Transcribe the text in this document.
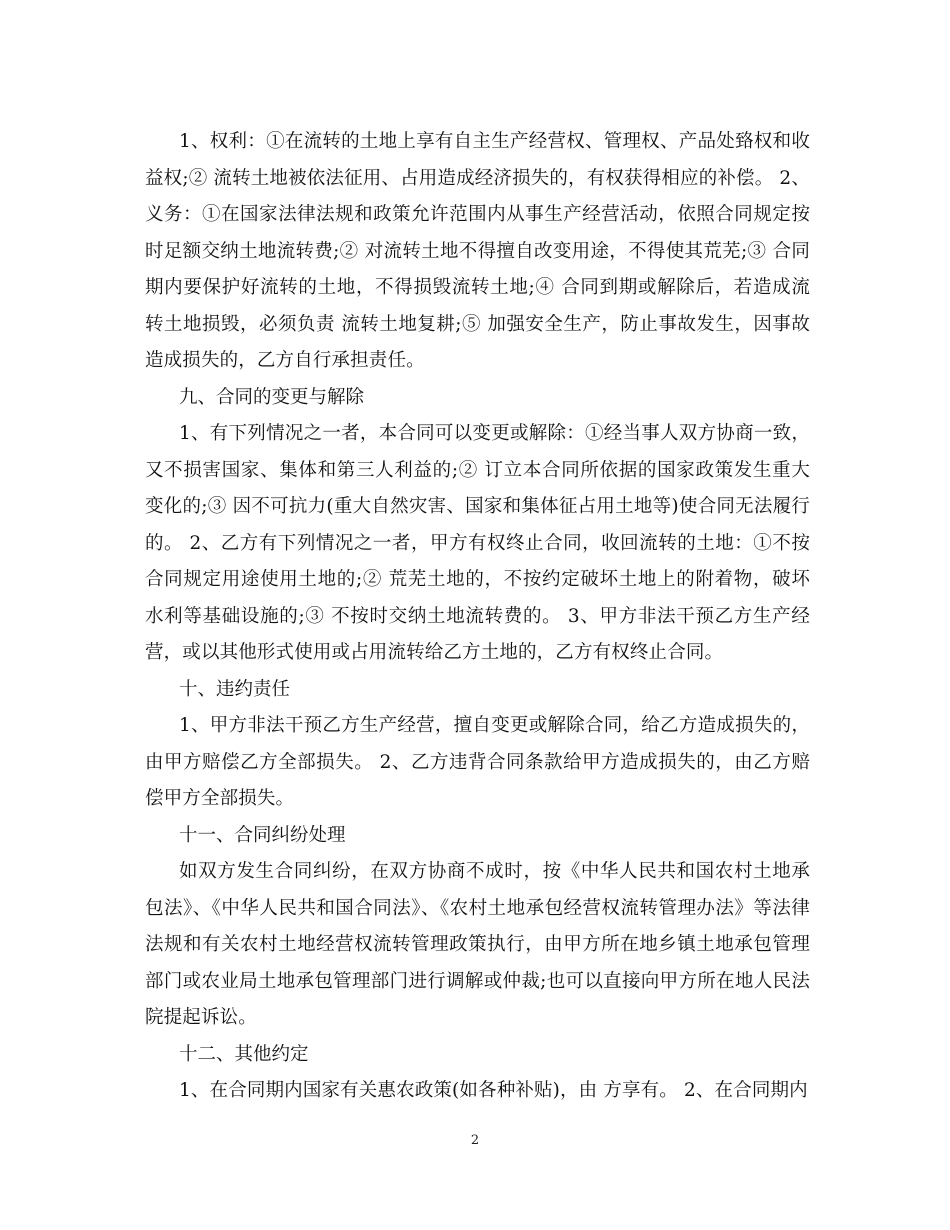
1、权利：①在流转的土地上享有自主生产经营权、管理权、产品处臵权和收益权;② 流转土地被依法征用、占用造成经济损失的，有权获得相应的补偿。 2、义务：①在国家法律法规和政策允许范围内从事生产经营活动，依照合同规定按时足额交纳土地流转费;② 对流转土地不得擅自改变用途，不得使其荒芜;③ 合同期内要保护好流转的土地，不得损毁流转土地;④ 合同到期或解除后，若造成流转土地损毁，必须负责 流转土地复耕;⑤ 加强安全生产，防止事故发生，因事故造成损失的，乙方自行承担责任。

九、合同的变更与解除

1、有下列情况之一者，本合同可以变更或解除：①经当事人双方协商一致，又不损害国家、集体和第三人利益的;② 订立本合同所依据的国家政策发生重大变化的;③ 因不可抗力(重大自然灾害、国家和集体征占用土地等)使合同无法履行的。 2、乙方有下列情况之一者，甲方有权终止合同，收回流转的土地：①不按合同规定用途使用土地的;② 荒芜土地的，不按约定破坏土地上的附着物，破坏水利等基础设施的;③ 不按时交纳土地流转费的。 3、甲方非法干预乙方生产经营，或以其他形式使用或占用流转给乙方土地的，乙方有权终止合同。

十、违约责任

1、甲方非法干预乙方生产经营，擅自变更或解除合同，给乙方造成损失的，由甲方赔偿乙方全部损失。 2、乙方违背合同条款给甲方造成损失的，由乙方赔偿甲方全部损失。

十一、合同纠纷处理

如双方发生合同纠纷，在双方协商不成时，按《中华人民共和国农村土地承包法》、《中华人民共和国合同法》、《农村土地承包经营权流转管理办法》等法律法规和有关农村土地经营权流转管理政策执行，由甲方所在地乡镇土地承包管理部门或农业局土地承包管理部门进行调解或仲裁;也可以直接向甲方所在地人民法院提起诉讼。

十二、其他约定

1、在合同期内国家有关惠农政策(如各种补贴)，由 方享有。 2、在合同期内

2
